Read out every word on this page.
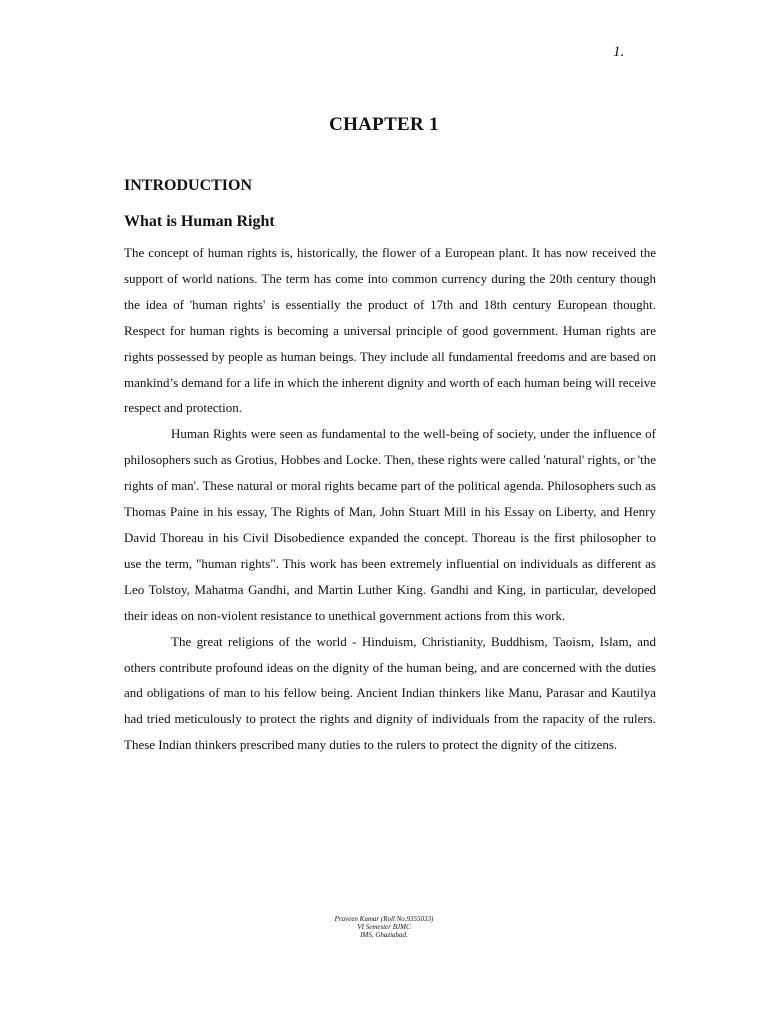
1.
CHAPTER 1
INTRODUCTION
What is Human Right

The concept of human rights is, historically, the flower of a European plant. It has now received the support of world nations. The term has come into common currency during the 20th century though the idea of 'human rights' is essentially the product of 17th and 18th century European thought. Respect for human rights is becoming a universal principle of good government. Human rights are rights possessed by people as human beings. They include all fundamental freedoms and are based on mankind’s demand for a life in which the inherent dignity and worth of each human being will receive respect and protection.

Human Rights were seen as fundamental to the well-being of society, under the influence of philosophers such as Grotius, Hobbes and Locke. Then, these rights were called 'natural' rights, or 'the rights of man'. These natural or moral rights became part of the political agenda. Philosophers such as Thomas Paine in his essay, The Rights of Man, John Stuart Mill in his Essay on Liberty, and Henry David Thoreau in his Civil Disobedience expanded the concept. Thoreau is the first philosopher to use the term, "human rights". This work has been extremely influential on individuals as different as Leo Tolstoy, Mahatma Gandhi, and Martin Luther King. Gandhi and King, in particular, developed their ideas on non-violent resistance to unethical government actions from this work.

The great religions of the world - Hinduism, Christianity, Buddhism, Taoism, Islam, and others contribute profound ideas on the dignity of the human being, and are concerned with the duties and obligations of man to his fellow being. Ancient Indian thinkers like Manu, Parasar and Kautilya had tried meticulously to protect the rights and dignity of individuals from the rapacity of the rulers. These Indian thinkers prescribed many duties to the rulers to protect the dignity of the citizens.

Praveen Kumar (Roll No.9355033)
VI Semester BJMC
IMS, Ghaziabad.
